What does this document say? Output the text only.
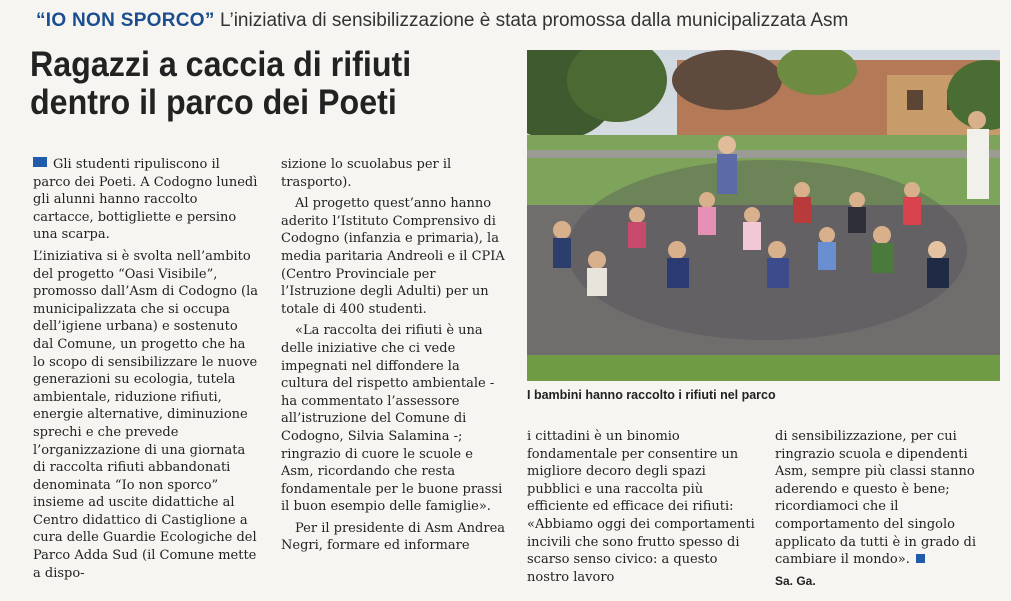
“IO NON SPORCO” L’iniziativa di sensibilizzazione è stata promossa dalla municipalizzata Asm
Ragazzi a caccia di rifiuti
dentro il parco dei Poeti

Gli studenti ripuliscono il parco dei Poeti. A Codogno lunedì gli alunni hanno raccolto cartacce, bottigliette e persino una scarpa.

L’iniziativa si è svolta nell’ambito del progetto “Oasi Visibile”, promosso dall’Asm di Codogno (la municipalizzata che si occupa dell’igiene urbana) e sostenuto dal Comune, un progetto che ha lo scopo di sensibilizzare le nuove generazioni su ecologia, tutela ambientale, riduzione rifiuti, energie alternative, diminuzione sprechi e che prevede l’organizzazione di una giornata di raccolta rifiuti abbandonati denominata “Io non sporco” insieme ad uscite didattiche al Centro didattico di Castiglione a cura delle Guardie Ecologiche del Parco Adda Sud (il Comune mette a dispo-

sizione lo scuolabus per il trasporto).

Al progetto quest’anno hanno aderito l’Istituto Comprensivo di Codogno (infanzia e primaria), la media paritaria Andreoli e il CPIA (Centro Provinciale per l’Istruzione degli Adulti) per un totale di 400 studenti.

«La raccolta dei rifiuti è una delle iniziative che ci vede impegnati nel diffondere la cultura del rispetto ambientale - ha commentato l’assessore all’istruzione del Comune di Codogno, Silvia Salamina -; ringrazio di cuore le scuole e Asm, ricordando che resta fondamentale per le buone prassi il buon esempio delle famiglie».

Per il presidente di Asm Andrea Negri, formare ed informare

I bambini hanno raccolto i rifiuti nel parco

i cittadini è un binomio fondamentale per consentire un migliore decoro degli spazi pubblici e una raccolta più efficiente ed efficace dei rifiuti: «Abbiamo oggi dei comportamenti incivili che sono frutto spesso di scarso senso civico: a questo nostro lavoro

di sensibilizzazione, per cui ringrazio scuola e dipendenti Asm, sempre più classi stanno aderendo e questo è bene; ricordiamoci che il comportamento del singolo applicato da tutti è in grado di cambiare il mondo».

Sa. Ga.
